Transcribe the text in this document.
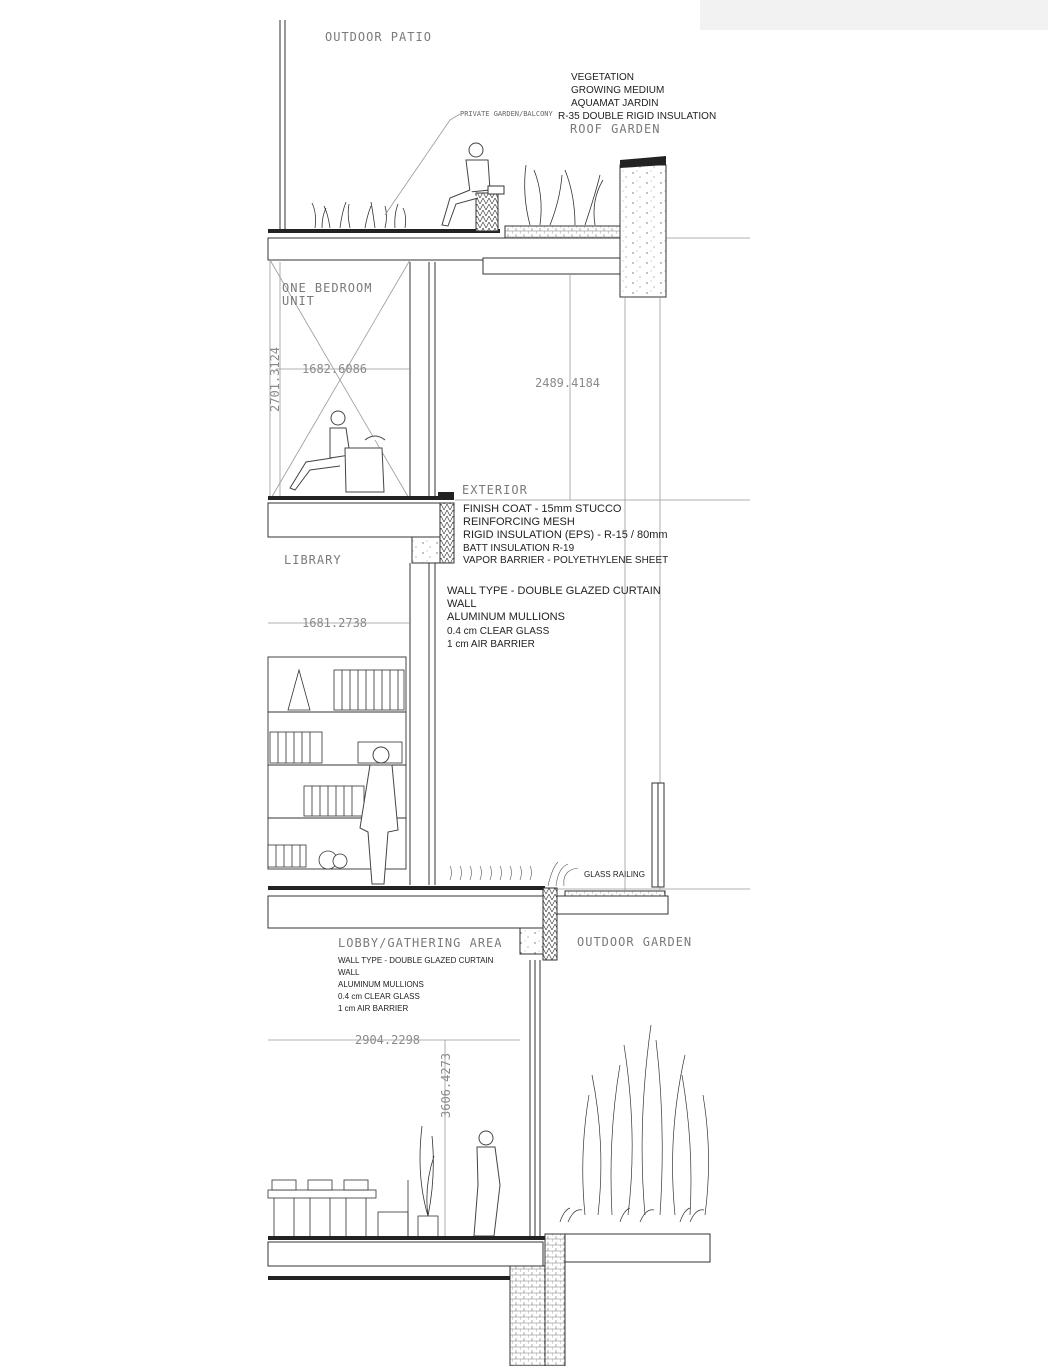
PRIVATE GARDEN/BALCONY
OUTDOOR PATIO
VEGETATION
GROWING MEDIUM
AQUAMAT JARDIN
R-35 DOUBLE RIGID INSULATION
ROOF GARDEN
ONE BEDROOM
UNIT
2701.3124 1682.6086
2489.4184
EXTERIOR
FINISH COAT - 15mm STUCCO
REINFORCING MESH
RIGID INSULATION (EPS) - R-15 / 80mm
BATT INSULATION R-19
VAPOR BARRIER - POLYETHYLENE SHEET
LIBRARY
1681.2738
WALL TYPE - DOUBLE GLAZED CURTAIN
WALL
ALUMINUM MULLIONS
0.4 cm CLEAR GLASS
1 cm AIR BARRIER
GLASS RAILING
LOBBY/GATHERING AREA	OUTDOOR GARDEN
WALL TYPE - DOUBLE GLAZED CURTAIN
WALL
ALUMINUM MULLIONS
0.4 cm CLEAR GLASS
1 cm AIR BARRIER
2904.2298
3606.4273
